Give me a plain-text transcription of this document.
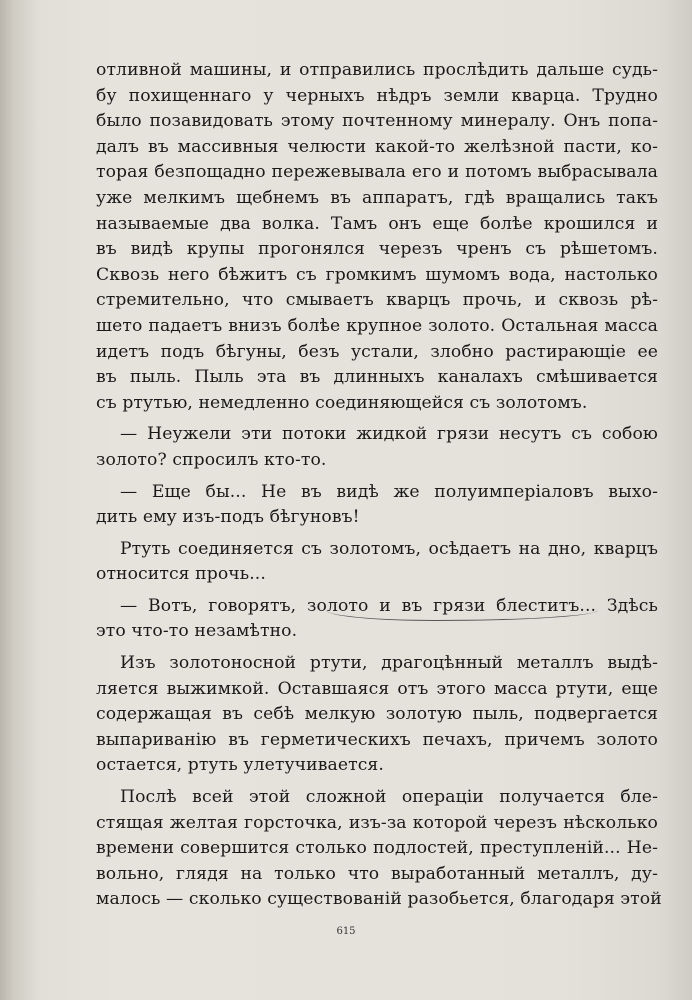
отливной машины, и отправились прослѣдить дальше судь-
бу похищеннаго у черныхъ нѣдръ земли кварца. Трудно
было позавидовать этому почтенному минералу. Онъ попа-
далъ въ массивныя челюсти какой-то желѣзной пасти, ко-
торая безпощадно пережевывала его и потомъ выбрасывала
уже мелкимъ щебнемъ въ аппаратъ, гдѣ вращались такъ
называемые два волка. Тамъ онъ еще болѣе крошился и
въ видѣ крупы прогонялся черезъ чренъ съ рѣшетомъ.
Сквозь него бѣжитъ съ громкимъ шумомъ вода, настолько
стремительно, что смываетъ кварцъ прочь, и сквозь рѣ-
шето падаетъ внизъ болѣе крупное золото. Остальная масса
идетъ подъ бѣгуны, безъ устали, злобно растирающіе ее
въ пыль. Пыль эта въ длинныхъ каналахъ смѣшивается
съ ртутью, немедленно соединяющейся съ золотомъ.
— Неужели эти потоки жидкой грязи несутъ съ собою
золото? спросилъ кто-то.
— Еще бы... Не въ видѣ же полуимперіаловъ выхо-
дить ему изъ-подъ бѣгуновъ!
Ртуть соединяется съ золотомъ, осѣдаетъ на дно, кварцъ
относится прочь...
— Вотъ, говорятъ, золото и въ грязи блеститъ... Здѣсь
это что-то незамѣтно.
Изъ золотоносной ртути, драгоцѣнный металлъ выдѣ-
ляется выжимкой. Оставшаяся отъ этого масса ртути, еще
содержащая въ себѣ мелкую золотую пыль, подвергается
выпариванію въ герметическихъ печахъ, причемъ золото
остается, ртуть улетучивается.
Послѣ всей этой сложной операціи получается бле-
стящая желтая горсточка, изъ-за которой черезъ нѣсколько
времени совершится столько подлостей, преступленій... Не-
вольно, глядя на только что выработанный металлъ, ду-
малось — сколько существованій разобьется, благодаря этой
615
